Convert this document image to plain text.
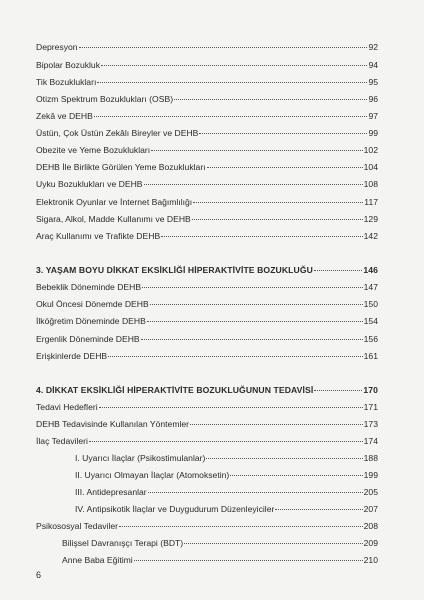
Depresyon	92
Bipolar Bozukluk	94
Tik Bozuklukları	95
Otizm Spektrum Bozuklukları (OSB)	96
Zekâ ve DEHB	97
Üstün, Çok Üstün Zekâlı Bireyler ve DEHB	99
Obezite ve Yeme Bozuklukları	102
DEHB İle Birlikte Görülen Yeme Bozuklukları	104
Uyku Bozuklukları ve DEHB	108
Elektronik Oyunlar ve İnternet Bağımlılığı	117
Sigara, Alkol, Madde Kullanımı ve DEHB	129
Araç Kullanımı ve Trafikte DEHB	142
3. YAŞAM BOYU DİKKAT EKSİKLİĞİ HİPERAKTİVİTE BOZUKLUĞU	146
Bebeklik Döneminde DEHB	147
Okul Öncesi Dönemde DEHB	150
İlköğretim Döneminde DEHB	154
Ergenlik Döneminde DEHB	156
Erişkinlerde DEHB	161
4. DİKKAT EKSİKLİĞİ HİPERAKTİVİTE BOZUKLUĞUNUN TEDAVİSİ	170
Tedavi Hedefleri	171
DEHB Tedavisinde Kullanılan Yöntemler	173
İlaç Tedavileri	174
I. Uyarıcı İlaçlar (Psikostimulanlar)	188
II. Uyarıcı Olmayan İlaçlar (Atomoksetin)	199
III. Antidepresanlar	205
IV. Antipsikotik İlaçlar ve Duygudurum Düzenleyiciler	207
Psikososyal Tedaviler	208
Bilişsel Davranışçı Terapi (BDT)	209
Anne Baba Eğitimi	210
6
